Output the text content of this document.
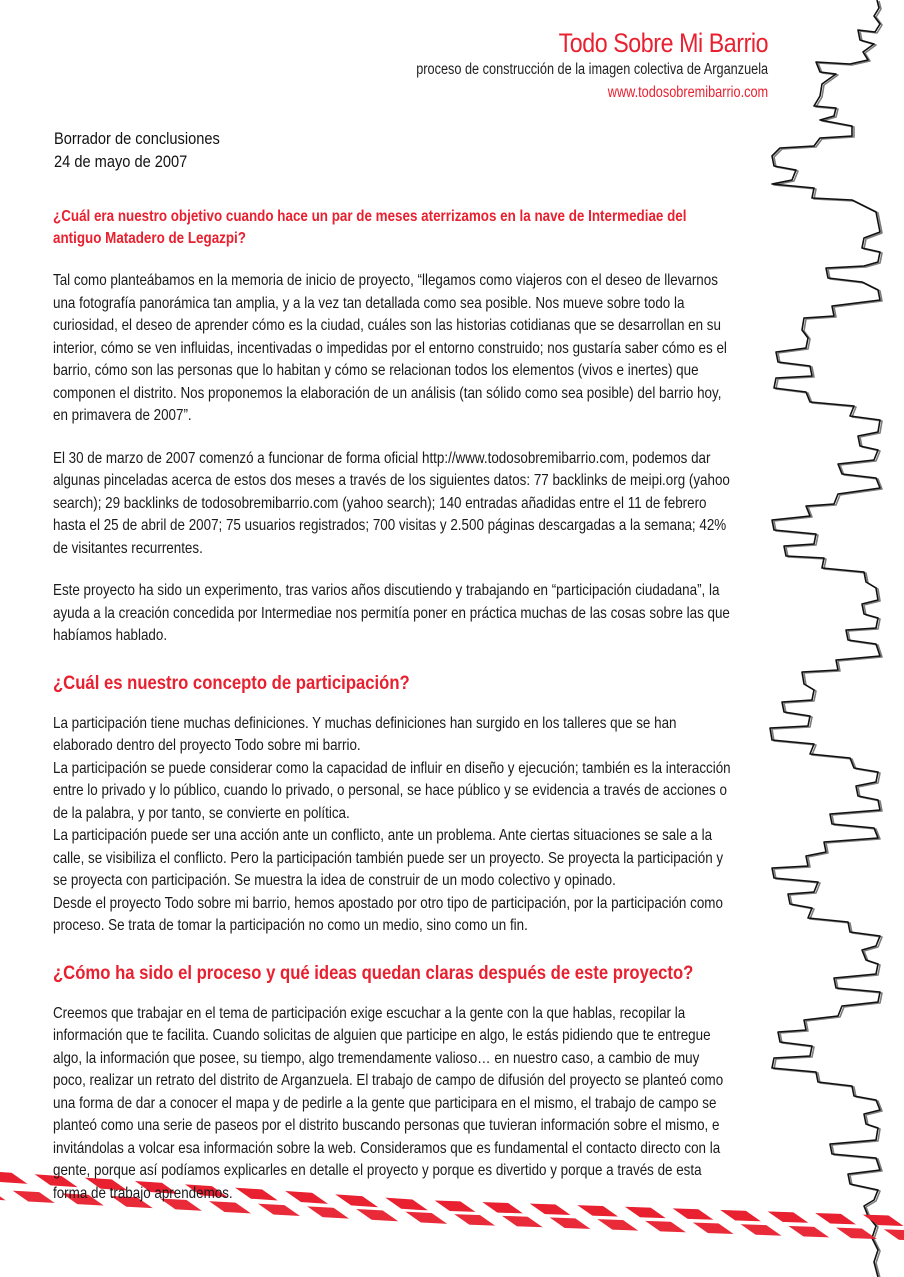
Todo Sobre Mi Barrio
proceso de construcción de la imagen colectiva de Arganzuela
www.todosobremibarrio.com
Borrador de conclusiones
24 de mayo de 2007
¿Cuál era nuestro objetivo cuando hace un par de meses aterrizamos en la nave de Intermediae del antiguo Matadero de Legazpi?

Tal como planteábamos en la memoria de inicio de proyecto, “llegamos como viajeros con el deseo de llevarnos una fotografía panorámica tan amplia, y a la vez tan detallada como sea posible. Nos mueve sobre todo la curiosidad, el deseo de aprender cómo es la ciudad, cuáles son las historias cotidianas que se desarrollan en su interior, cómo se ven influidas, incentivadas o impedidas por el entorno construido; nos gustaría saber cómo es el barrio, cómo son las personas que lo habitan y cómo se relacionan todos los elementos (vivos e inertes) que componen el distrito. Nos proponemos la elaboración de un análisis (tan sólido como sea posible) del barrio hoy, en primavera de 2007”.

El 30 de marzo de 2007 comenzó a funcionar de forma oficial http://www.todosobremibarrio.com, podemos dar algunas pinceladas acerca de estos dos meses a través de los siguientes datos: 77 backlinks de meipi.org (yahoo search); 29 backlinks de todosobremibarrio.com (yahoo search); 140 entradas añadidas entre el 11 de febrero hasta el 25 de abril de 2007; 75 usuarios registrados; 700 visitas y 2.500 páginas descargadas a la semana; 42% de visitantes recurrentes.

Este proyecto ha sido un experimento, tras varios años discutiendo y trabajando en “participación ciudadana”, la ayuda a la creación concedida por Intermediae nos permitía poner en práctica muchas de las cosas sobre las que habíamos hablado.

¿Cuál es nuestro concepto de participación?

La participación tiene muchas definiciones. Y muchas definiciones han surgido en los talleres que se han elaborado dentro del proyecto Todo sobre mi barrio.

La participación se puede considerar como la capacidad de influir en diseño y ejecución; también es la interacción entre lo privado y lo público, cuando lo privado, o personal, se hace público y se evidencia a través de acciones o de la palabra, y por tanto, se convierte en política.

La participación puede ser una acción ante un conflicto, ante un problema. Ante ciertas situaciones se sale a la calle, se visibiliza el conflicto. Pero la participación también puede ser un proyecto. Se proyecta la participación y se proyecta con participación. Se muestra la idea de construir de un modo colectivo y opinado.

Desde el proyecto Todo sobre mi barrio, hemos apostado por otro tipo de participación, por la participación como proceso. Se trata de tomar la participación no como un medio, sino como un fin.

¿Cómo ha sido el proceso y qué ideas quedan claras después de este proyecto?

Creemos que trabajar en el tema de participación exige escuchar a la gente con la que hablas, recopilar la información que te facilita. Cuando solicitas de alguien que participe en algo, le estás pidiendo que te entregue algo, la información que posee, su tiempo, algo tremendamente valioso… en nuestro caso, a cambio de muy poco, realizar un retrato del distrito de Arganzuela. El trabajo de campo de difusión del proyecto se planteó como una forma de dar a conocer el mapa y de pedirle a la gente que participara en el mismo, el trabajo de campo se planteó como una serie de paseos por el distrito buscando personas que tuvieran información sobre el mismo, e invitándolas a volcar esa información sobre la web. Consideramos que es fundamental el contacto directo con la gente, porque así podíamos explicarles en detalle el proyecto y porque es divertido y porque a través de esta forma de trabajo aprendemos.
